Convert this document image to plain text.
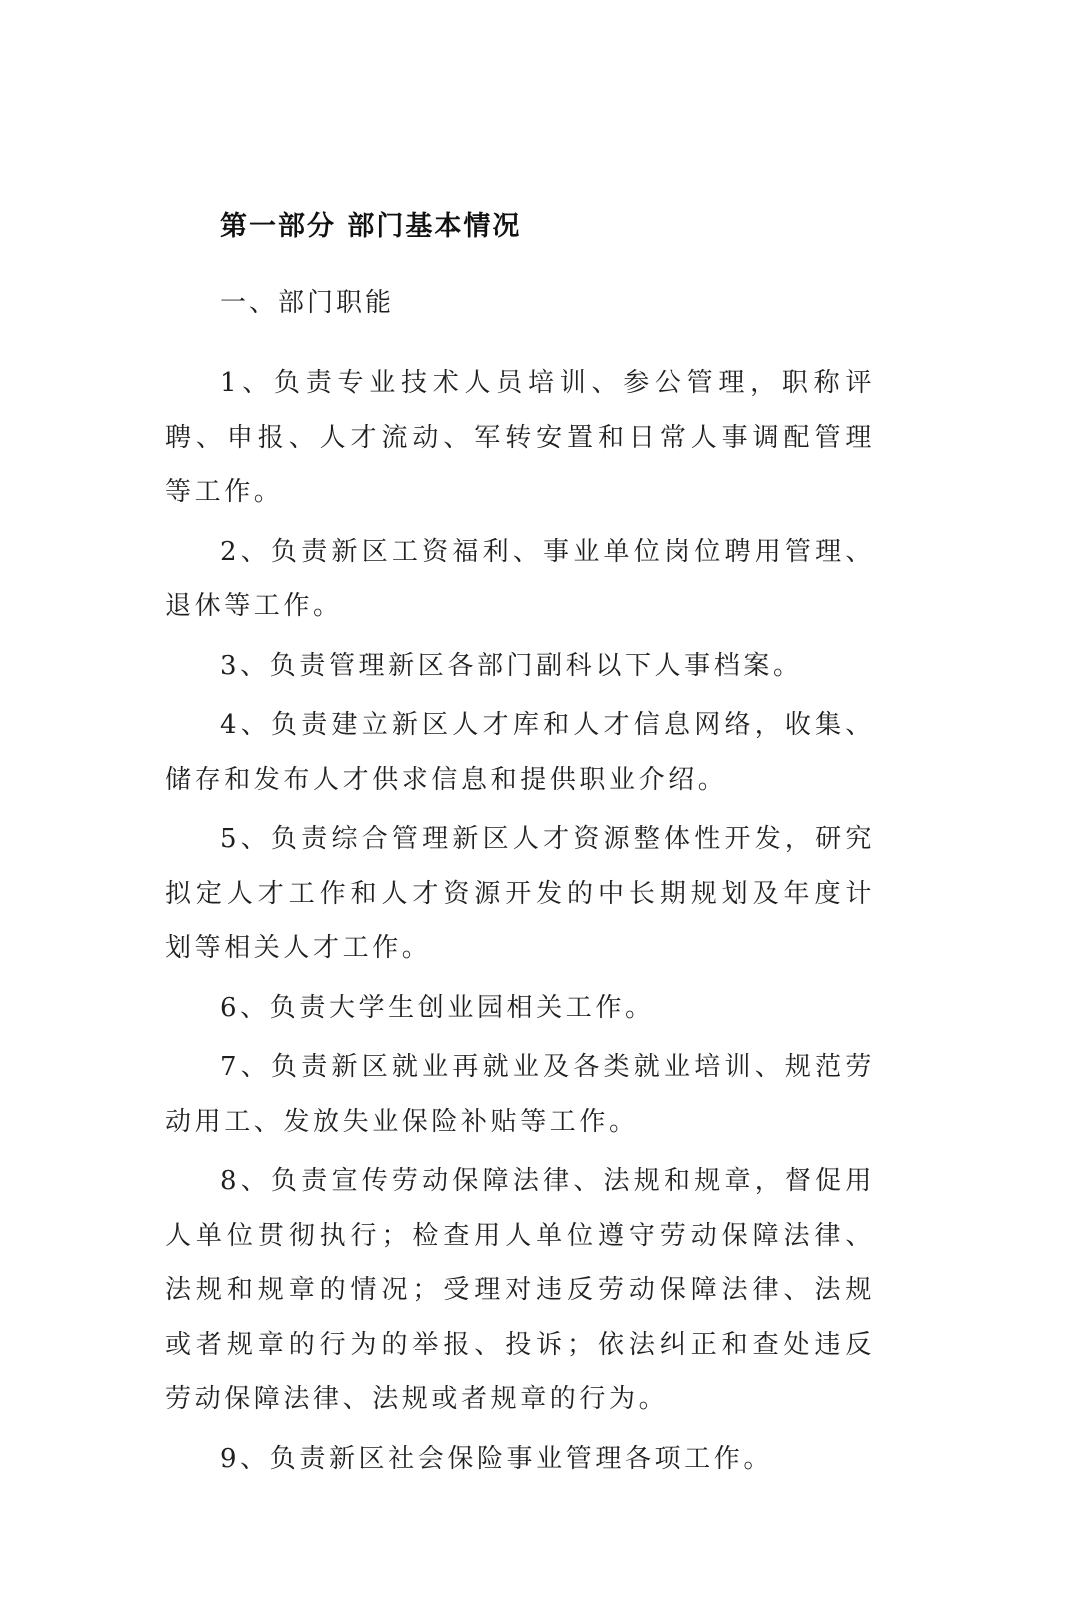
第一部分 部门基本情况
一、部门职能

1、负责专业技术人员培训、参公管理，职称评聘、申报、人才流动、军转安置和日常人事调配管理等工作。

2、负责新区工资福利、事业单位岗位聘用管理、退休等工作。

3、负责管理新区各部门副科以下人事档案。

4、负责建立新区人才库和人才信息网络，收集、储存和发布人才供求信息和提供职业介绍。

5、负责综合管理新区人才资源整体性开发，研究拟定人才工作和人才资源开发的中长期规划及年度计划等相关人才工作。

6、负责大学生创业园相关工作。

7、负责新区就业再就业及各类就业培训、规范劳动用工、发放失业保险补贴等工作。

8、负责宣传劳动保障法律、法规和规章，督促用人单位贯彻执行；检查用人单位遵守劳动保障法律、法规和规章的情况；受理对违反劳动保障法律、法规或者规章的行为的举报、投诉；依法纠正和查处违反劳动保障法律、法规或者规章的行为。

9、负责新区社会保险事业管理各项工作。
